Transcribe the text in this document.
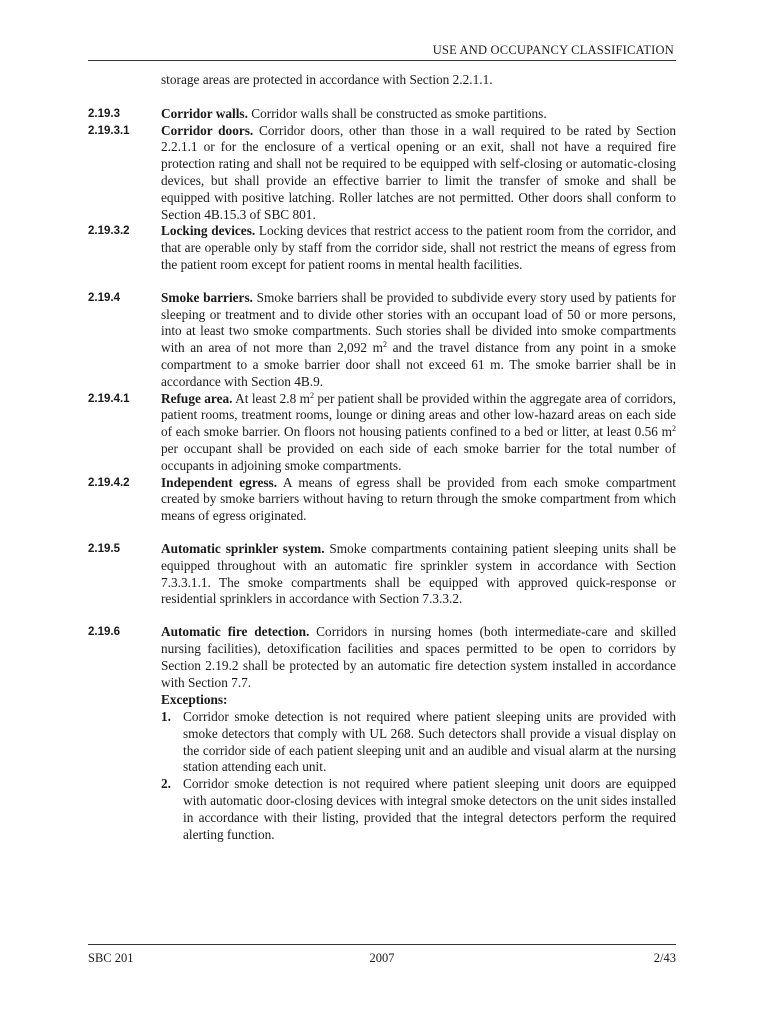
USE AND OCCUPANCY CLASSIFICATION

storage areas are protected in accordance with Section 2.2.1.1.

2.19.3	Corridor walls. Corridor walls shall be constructed as smoke partitions.
2.19.3.1	Corridor doors. Corridor doors, other than those in a wall required to be rated by Section 2.2.1.1 or for the enclosure of a vertical opening or an exit, shall not have a required fire protection rating and shall not be required to be equipped with self-closing or automatic-closing devices, but shall provide an effective barrier to limit the transfer of smoke and shall be equipped with positive latching. Roller latches are not permitted. Other doors shall conform to Section 4B.15.3 of SBC 801.
2.19.3.2	Locking devices. Locking devices that restrict access to the patient room from the corridor, and that are operable only by staff from the corridor side, shall not restrict the means of egress from the patient room except for patient rooms in mental health facilities.
2.19.4	Smoke barriers. Smoke barriers shall be provided to subdivide every story used by patients for sleeping or treatment and to divide other stories with an occupant load of 50 or more persons, into at least two smoke compartments. Such stories shall be divided into smoke compartments with an area of not more than 2,092 $m^2$ and the travel distance from any point in a smoke compartment to a smoke barrier door shall not exceed 61 m. The smoke barrier shall be in accordance with Section 4B.9.
2.19.4.1	Refuge area. At least 2.8 $m^2$ per patient shall be provided within the aggregate area of corridors, patient rooms, treatment rooms, lounge or dining areas and other low-hazard areas on each side of each smoke barrier. On floors not housing patients confined to a bed or litter, at least 0.56 $m^2$ per occupant shall be provided on each side of each smoke barrier for the total number of occupants in adjoining smoke compartments.
2.19.4.2	Independent egress. A means of egress shall be provided from each smoke compartment created by smoke barriers without having to return through the smoke compartment from which means of egress originated.
2.19.5	Automatic sprinkler system. Smoke compartments containing patient sleeping units shall be equipped throughout with an automatic fire sprinkler system in accordance with Section 7.3.3.1.1. The smoke compartments shall be equipped with approved quick-response or residential sprinklers in accordance with Section 7.3.3.2.
2.19.6	Automatic fire detection. Corridors in nursing homes (both intermediate-care and skilled nursing facilities), detoxification facilities and spaces permitted to be open to corridors by Section 2.19.2 shall be protected by an automatic fire detection system installed in accordance with Section 7.7.
Exceptions:
1. Corridor smoke detection is not required where patient sleeping units are provided with smoke detectors that comply with UL 268. Such detectors shall provide a visual display on the corridor side of each patient sleeping unit and an audible and visual alarm at the nursing station attending each unit.
2. Corridor smoke detection is not required where patient sleeping unit doors are equipped with automatic door-closing devices with integral smoke detectors on the unit sides installed in accordance with their listing, provided that the integral detectors perform the required alerting function.
SBC 201	2007	2/43
